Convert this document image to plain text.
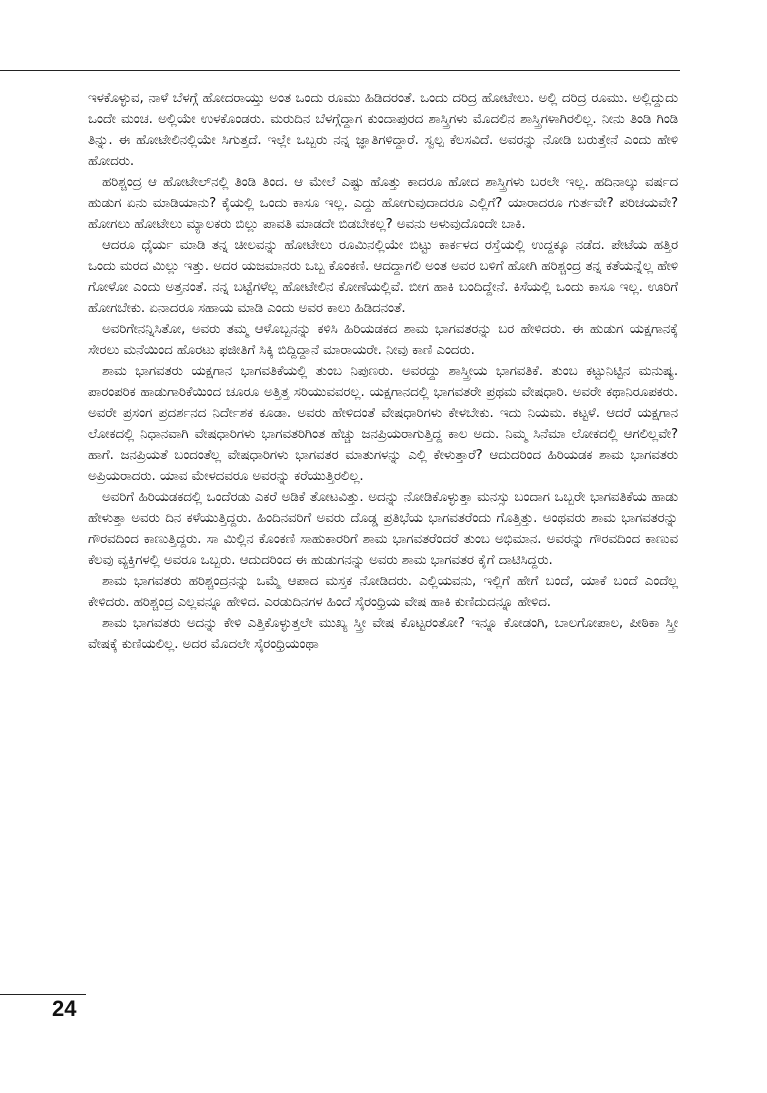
ಇಳಕೊಳ್ಳುವ, ನಾಳೆ ಬೆಳಗ್ಗೆ ಹೋದರಾಯ್ತು ಅಂತ ಒಂದು ರೂಮು ಹಿಡಿದರಂತೆ. ಒಂದು ದರಿದ್ರ ಹೋಟೇಲು. ಅಲ್ಲಿ ದರಿದ್ರ ರೂಮು. ಅಲ್ಲಿದ್ದುದು ಒಂದೇ ಮಂಚ. ಅಲ್ಲಿಯೇ ಉಳಕೊಂಡರು. ಮರುದಿನ ಬೆಳಗ್ಗೆದ್ದಾಗ ಕುಂದಾಪುರದ ಶಾಸ್ತ್ರಿಗಳು ಮೊದಲಿನ ಶಾಸ್ತ್ರಿಗಳಾಗಿರಲಿಲ್ಲ. ನೀನು ತಿಂಡಿ ಗಿಂಡಿ ತಿನ್ನು. ಈ ಹೋಟೇಲಿನಲ್ಲಿಯೇ ಸಿಗುತ್ತದೆ. ಇಲ್ಲೇ ಒಬ್ಬರು ನನ್ನ ಜ್ಞಾತಿಗಳಿದ್ದಾರೆ. ಸ್ವಲ್ಪ ಕೆಲಸವಿದೆ. ಅವರನ್ನು ನೋಡಿ ಬರುತ್ತೇನೆ ಎಂದು ಹೇಳಿ ಹೋದರು.

ಹರಿಶ್ಚಂದ್ರ ಆ ಹೋಟೇಲ್‌ನಲ್ಲಿ ತಿಂಡಿ ತಿಂದ. ಆ ಮೇಲೆ ಎಷ್ಟು ಹೊತ್ತು ಕಾದರೂ ಹೋದ ಶಾಸ್ತ್ರಿಗಳು ಬರಲೇ ಇಲ್ಲ. ಹದಿನಾಲ್ಕು ವರ್ಷದ ಹುಡುಗ ಏನು ಮಾಡಿಯಾನು? ಕೈಯಲ್ಲಿ ಒಂದು ಕಾಸೂ ಇಲ್ಲ. ಎದ್ದು ಹೋಗುವುದಾದರೂ ಎಲ್ಲಿಗೆ? ಯಾರಾದರೂ ಗುರ್ತವೇ? ಪರಿಚಯವೇ? ಹೋಗಲು ಹೋಟೇಲು ಮ್ಯಾಲಕರು ಬಿಲ್ಲು ಪಾವತಿ ಮಾಡದೇ ಬಿಡಬೇಕಲ್ಲ? ಅವನು ಅಳುವುದೊಂದೇ ಬಾಕಿ.

ಆದರೂ ಧೈರ್ಯ ಮಾಡಿ ತನ್ನ ಚೀಲವನ್ನು ಹೋಟೇಲು ರೂಮಿನಲ್ಲಿಯೇ ಬಿಟ್ಟು ಕಾರ್ಕಳದ ರಸ್ತೆಯಲ್ಲಿ ಉದ್ದಕ್ಕೂ ನಡೆದ. ಪೇಟೆಯ ಹತ್ತಿರ ಒಂದು ಮರದ ಮಿಲ್ಲು ಇತ್ತು. ಅದರ ಯಜಮಾನರು ಒಬ್ಬ ಕೊಂಕಣಿ. ಆದದ್ದಾಗಲಿ ಅಂತ ಅವರ ಬಳಿಗೆ ಹೋಗಿ ಹರಿಶ್ಚಂದ್ರ ತನ್ನ ಕತೆಯನ್ನೆಲ್ಲ ಹೇಳಿ ಗೋಳೋ ಎಂದು ಅತ್ತನಂತೆ. ನನ್ನ ಬಟ್ಟೆಗಳೆಲ್ಲ ಹೋಟೇಲಿನ ಕೋಣೆಯಲ್ಲಿವೆ. ಬೀಗ ಹಾಕಿ ಬಂದಿದ್ದೇನೆ. ಕಿಸೆಯಲ್ಲಿ ಒಂದು ಕಾಸೂ ಇಲ್ಲ. ಊರಿಗೆ ಹೋಗಬೇಕು. ಏನಾದರೂ ಸಹಾಯ ಮಾಡಿ ಎಂದು ಅವರ ಕಾಲು ಹಿಡಿದನಂತೆ.

ಅವರಿಗೇನನ್ನಿಸಿತೋ, ಅವರು ತಮ್ಮ ಆಳೊಬ್ಬನನ್ನು ಕಳಿಸಿ ಹಿರಿಯಡಕದ ಶಾಮ ಭಾಗವತರನ್ನು ಬರ ಹೇಳಿದರು. ಈ ಹುಡುಗ ಯಕ್ಷಗಾನಕ್ಕೆ ಸೇರಲು ಮನೆಯಿಂದ ಹೊರಟು ಫಜೀತಿಗೆ ಸಿಕ್ಕಿ ಬಿದ್ದಿದ್ದಾನೆ ಮಾರಾಯರೇ. ನೀವು ಕಾಣಿ ಎಂದರು.

ಶಾಮ ಭಾಗವತರು ಯಕ್ಷಗಾನ ಭಾಗವತಿಕೆಯಲ್ಲಿ ತುಂಬ ನಿಪುಣರು. ಅವರದ್ದು ಶಾಸ್ತ್ರೀಯ ಭಾಗವತಿಕೆ. ತುಂಬ ಕಟ್ಟುನಿಟ್ಟಿನ ಮನುಷ್ಯ. ಪಾರಂಪರಿಕ ಹಾಡುಗಾರಿಕೆಯಿಂದ ಚೂರೂ ಅತ್ತಿತ್ತ ಸರಿಯುವವರಲ್ಲ. ಯಕ್ಷಗಾನದಲ್ಲಿ ಭಾಗವತರೇ ಪ್ರಥಮ ವೇಷಧಾರಿ. ಅವರೇ ಕಥಾನಿರೂಪಕರು. ಅವರೇ ಪ್ರಸಂಗ ಪ್ರದರ್ಶನದ ನಿರ್ದೇಶಕ ಕೂಡಾ. ಅವರು ಹೇಳಿದಂತೆ ವೇಷಧಾರಿಗಳು ಕೇಳಬೇಕು. ಇದು ನಿಯಮ. ಕಟ್ಟಳೆ. ಆದರೆ ಯಕ್ಷಗಾನ ಲೋಕದಲ್ಲಿ ನಿಧಾನವಾಗಿ ವೇಷಧಾರಿಗಳು ಭಾಗವತರಿಗಿಂತ ಹೆಚ್ಚು ಜನಪ್ರಿಯರಾಗುತ್ತಿದ್ದ ಕಾಲ ಅದು. ನಿಮ್ಮ ಸಿನೆಮಾ ಲೋಕದಲ್ಲಿ ಆಗಲಿಲ್ಲವೇ? ಹಾಗೆ. ಜನಪ್ರಿಯತೆ ಬಂದಂತೆಲ್ಲ ವೇಷಧಾರಿಗಳು ಭಾಗವತರ ಮಾತುಗಳನ್ನು ಎಲ್ಲಿ ಕೇಳುತ್ತಾರೆ? ಆದುದರಿಂದ ಹಿರಿಯಡಕ ಶಾಮ ಭಾಗವತರು ಅಪ್ರಿಯರಾದರು. ಯಾವ ಮೇಳದವರೂ ಅವರನ್ನು ಕರೆಯುತ್ತಿರಲಿಲ್ಲ.

ಅವರಿಗೆ ಹಿರಿಯಡಕದಲ್ಲಿ ಒಂದೆರಡು ಎಕರೆ ಅಡಿಕೆ ತೋಟವಿತ್ತು. ಅದನ್ನು ನೋಡಿಕೊಳ್ಳುತ್ತಾ ಮನಸ್ಸು ಬಂದಾಗ ಒಬ್ಬರೇ ಭಾಗವತಿಕೆಯ ಹಾಡು ಹೇಳುತ್ತಾ ಅವರು ದಿನ ಕಳೆಯುತ್ತಿದ್ದರು. ಹಿಂದಿನವರಿಗೆ ಅವರು ದೊಡ್ಡ ಪ್ರತಿಭೆಯ ಭಾಗವತರೆಂದು ಗೊತ್ತಿತ್ತು. ಅಂಥವರು ಶಾಮ ಭಾಗವತರನ್ನು ಗೌರವದಿಂದ ಕಾಣುತ್ತಿದ್ದರು. ಸಾ ಮಿಲ್ಲಿನ ಕೊಂಕಣಿ ಸಾಹುಕಾರರಿಗೆ ಶಾಮ ಭಾಗವತರೆಂದರೆ ತುಂಬ ಅಭಿಮಾನ. ಅವರನ್ನು ಗೌರವದಿಂದ ಕಾಣುವ ಕೆಲವು ವ್ಯಕ್ತಿಗಳಲ್ಲಿ ಅವರೂ ಒಬ್ಬರು. ಆದುದರಿಂದ ಈ ಹುಡುಗನನ್ನು ಅವರು ಶಾಮ ಭಾಗವತರ ಕೈಗೆ ದಾಟಿಸಿದ್ದರು.

ಶಾಮ ಭಾಗವತರು ಹರಿಶ್ಚಂದ್ರನನ್ನು ಒಮ್ಮೆ ಆಪಾದ ಮಸ್ತಕ ನೋಡಿದರು. ಎಲ್ಲಿಯವನು, ಇಲ್ಲಿಗೆ ಹೇಗೆ ಬಂದೆ, ಯಾಕೆ ಬಂದೆ ಎಂದೆಲ್ಲ ಕೇಳಿದರು. ಹರಿಶ್ಚಂದ್ರ ಎಲ್ಲವನ್ನೂ ಹೇಳಿದ. ಎರಡುದಿನಗಳ ಹಿಂದೆ ಸೈರಂಧ್ರಿಯ ವೇಷ ಹಾಕಿ ಕುಣಿದುದನ್ನೂ ಹೇಳಿದ.

ಶಾಮ ಭಾಗವತರು ಅದನ್ನು ಕೇಳಿ ಎತ್ತಿಕೊಳ್ಳುತ್ತಲೇ ಮುಖ್ಯ ಸ್ತ್ರೀ ವೇಷ ಕೊಟ್ಟರಂತೋ? ಇನ್ನೂ ಕೋಡಂಗಿ, ಬಾಲಗೋಪಾಲ, ಪೀಠಿಕಾ ಸ್ತ್ರೀ ವೇಷಕ್ಕೆ ಕುಣಿಯಲಿಲ್ಲ. ಅದರ ಮೊದಲೇ ಸೈರಂಧ್ರಿಯಂಥಾ

24
